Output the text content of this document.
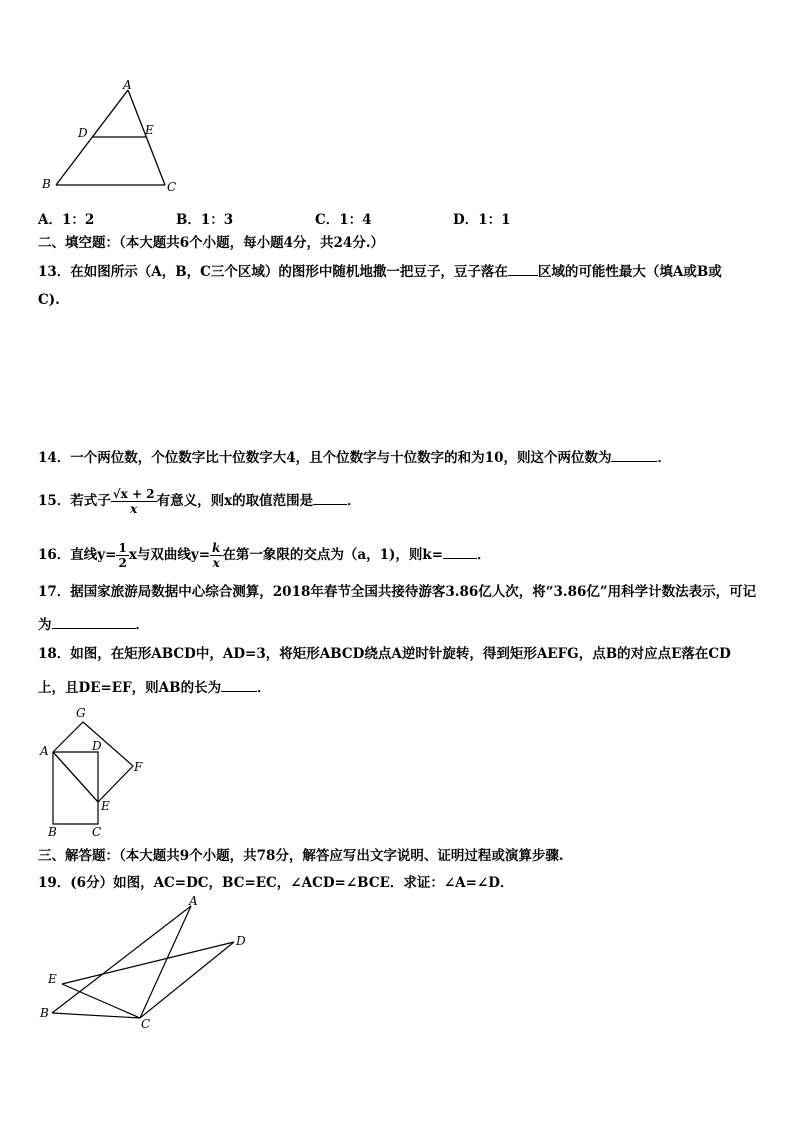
A
D	E
B	C
A．1：2	B．1：3	C．1：4	D．1：1
二、填空题：（本大题共6个小题，每小题4分，共24分.）
13．在如图所示（A，B，C三个区域）的图形中随机地撒一把豆子，豆子落在 区域的可能性最大（填A或B或
C).
14．一个两位数，个位数字比十位数字大4，且个位数字与十位数字的和为10，则这个两位数为	．
15．若式子 $\frac{√x + 2}{x}$ 有意义，则x的取值范围是	．
16．直线$y= \frac{1}{2}$ x与双曲线$y= \frac{k}{x}$ 在第一象限的交点为（a，1)，则k=	．
17．据国家旅游局数据中心综合测算，2018年春节全国共接待游客3.86亿人次，将“3.86亿”用科学计数法表示，可记
为	．
18．如图，在矩形ABCD中，AD=3，将矩形ABCD绕点A逆时针旋转，得到矩形AEFG，点B的对应点E落在CD
上，且DE=EF，则AB的长为	．
G
A	D
F
E
B	C
三、解答题：（本大题共9个小题，共78分，解答应写出文字说明、证明过程或演算步骤.
19．(6分）如图，AC=DC，BC=EC，∠ACD=∠BCE．求证：∠A=∠D．
A
D
E
B
C
